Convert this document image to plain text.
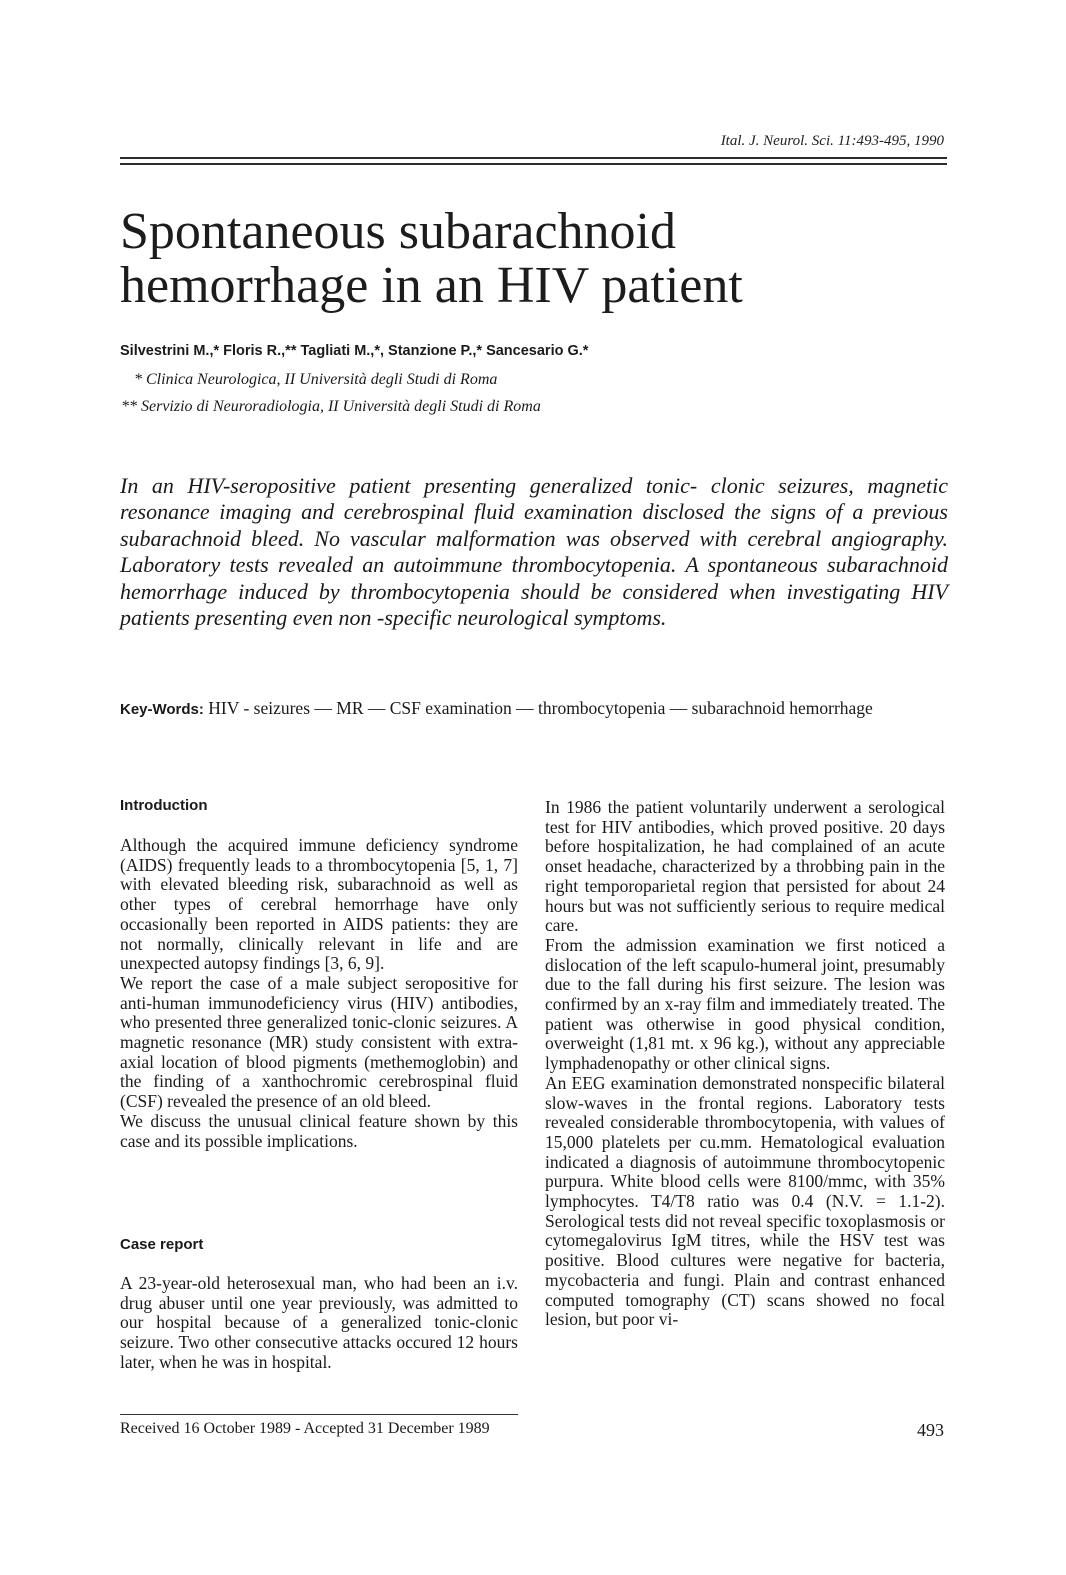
Ital. J. Neurol. Sci. 11:493-495, 1990
Spontaneous subarachnoid
hemorrhage in an HIV patient
Silvestrini M.,* Floris R.,** Tagliati M.,*, Stanzione P.,* Sancesario G.*
* Clinica Neurologica, II Università degli Studi di Roma
** Servizio di Neuroradiologia, II Università degli Studi di Roma

In an HIV-seropositive patient presenting generalized tonic- clonic seizures, magnetic resonance imaging and cerebrospinal fluid examination disclosed the signs of a previous subarachnoid bleed. No vascular malformation was observed with cerebral angiography. Laboratory tests revealed an autoimmune thrombocytopenia. A spontaneous subarachnoid hemorrhage induced by thrombocytopenia should be considered when investigating HIV patients presenting even non -specific neurological symptoms.

Key-Words: HIV - seizures — MR — CSF examination — thrombocytopenia — subarachnoid hemorrhage

Introduction

Although the acquired immune deficiency syndrome (AIDS) frequently leads to a thrombocytopenia [5, 1, 7] with elevated bleeding risk, subarachnoid as well as other types of cerebral hemorrhage have only occasionally been reported in AIDS patients: they are not normally, clinically relevant in life and are unexpected autopsy findings [3, 6, 9].

We report the case of a male subject seropositive for anti-human immunodeficiency virus (HIV) antibodies, who presented three generalized tonic-clonic seizures. A magnetic resonance (MR) study consistent with extra-axial location of blood pigments (methemoglobin) and the finding of a xanthochromic cerebrospinal fluid (CSF) revealed the presence of an old bleed.

We discuss the unusual clinical feature shown by this case and its possible implications.

Case report

A 23-year-old heterosexual man, who had been an i.v. drug abuser until one year previously, was admitted to our hospital because of a generalized tonic-clonic seizure. Two other consecutive attacks occured 12 hours later, when he was in hospital.

In 1986 the patient voluntarily underwent a serological test for HIV antibodies, which proved positive. 20 days before hospitalization, he had complained of an acute onset headache, characterized by a throbbing pain in the right temporoparietal region that persisted for about 24 hours but was not sufficiently serious to require medical care.

From the admission examination we first noticed a dislocation of the left scapulo-humeral joint, presumably due to the fall during his first seizure. The lesion was confirmed by an x-ray film and immediately treated. The patient was otherwise in good physical condition, overweight (1,81 mt. x 96 kg.), without any appreciable lymphadenopathy or other clinical signs.

An EEG examination demonstrated nonspecific bilateral slow-waves in the frontal regions. Laboratory tests revealed considerable thrombocytopenia, with values of 15,000 platelets per cu.mm. Hematological evaluation indicated a diagnosis of autoimmune thrombocytopenic purpura. White blood cells were 8100/mmc, with 35% lymphocytes. T4/T8 ratio was 0.4 (N.V. = 1.1-2). Serological tests did not reveal specific toxoplasmosis or cytomegalovirus IgM titres, while the HSV test was positive. Blood cultures were negative for bacteria, mycobacteria and fungi. Plain and contrast enhanced computed tomography (CT) scans showed no focal lesion, but poor vi-

Received 16 October 1989 - Accepted 31 December 1989	493
